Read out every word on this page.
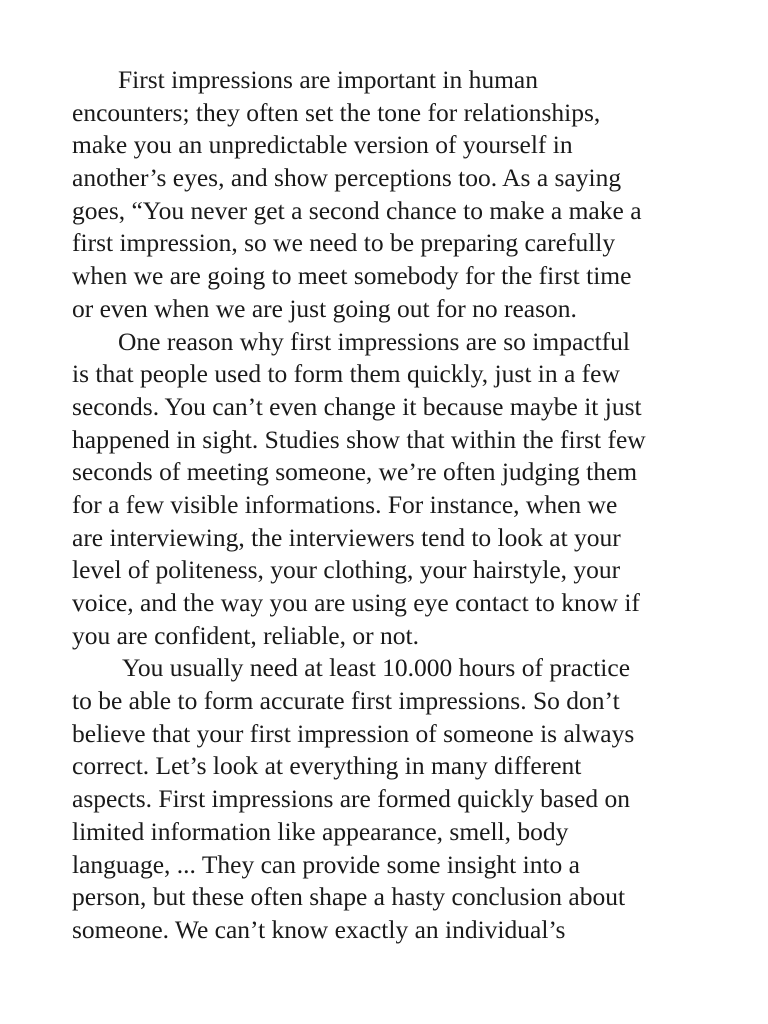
First impressions are important in human
encounters; they often set the tone for relationships,
make you an unpredictable version of yourself in
another’s eyes, and show perceptions too. As a saying
goes, “You never get a second chance to make a make a
first impression, so we need to be preparing carefully
when we are going to meet somebody for the first time
or even when we are just going out for no reason.
One reason why first impressions are so impactful
is that people used to form them quickly, just in a few
seconds. You can’t even change it because maybe it just
happened in sight. Studies show that within the first few
seconds of meeting someone, we’re often judging them
for a few visible informations. For instance, when we
are interviewing, the interviewers tend to look at your
level of politeness, your clothing, your hairstyle, your
voice, and the way you are using eye contact to know if
you are confident, reliable, or not.
You usually need at least 10.000 hours of practice
to be able to form accurate first impressions. So don’t
believe that your first impression of someone is always
correct. Let’s look at everything in many different
aspects. First impressions are formed quickly based on
limited information like appearance, smell, body
language, ... They can provide some insight into a
person, but these often shape a hasty conclusion about
someone. We can’t know exactly an individual’s
